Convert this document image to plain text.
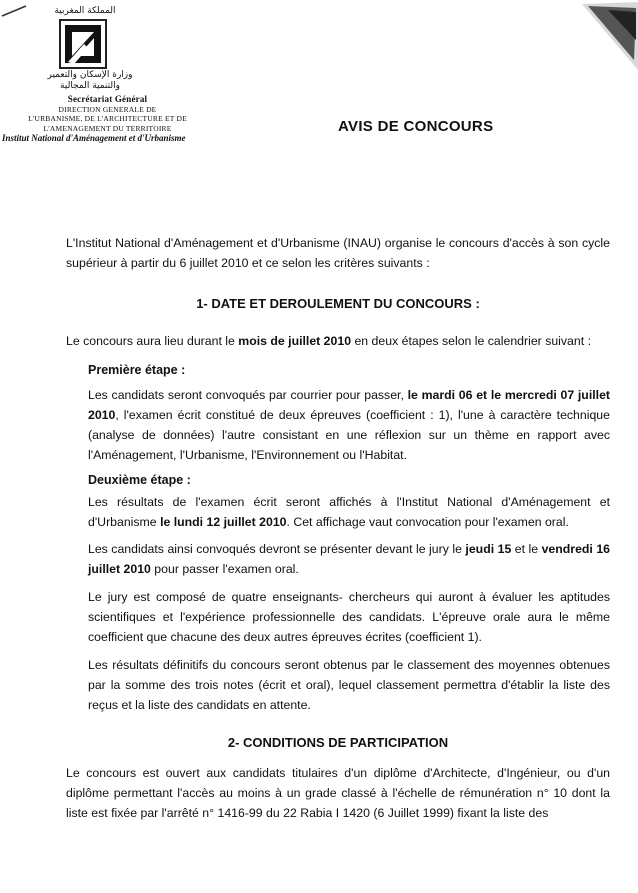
المملكة المغربية
وزارة الإسكان والتعمير والتنمية المجالية
Secrétariat Général
DIRECTION GENERALE DE
L'URBANISME, DE L'ARCHITECTURE ET DE
L'AMENAGEMENT DU TERRITOIRE
Institut National d'Aménagement et d'Urbanisme
AVIS DE CONCOURS

L'Institut National d'Aménagement et d'Urbanisme (INAU) organise le concours d'accès à son cycle supérieur à partir du 6 juillet 2010 et ce selon les critères suivants :

1- DATE ET DEROULEMENT DU CONCOURS :

Le concours aura lieu durant le mois de juillet 2010 en deux étapes selon le calendrier suivant :

Première étape :

Les candidats seront convoqués par courrier pour passer, le mardi 06 et le mercredi 07 juillet 2010, l'examen écrit constitué de deux épreuves (coefficient : 1), l'une à caractère technique (analyse de données) l'autre consistant en une réflexion sur un thème en rapport avec l'Aménagement, l'Urbanisme, l'Environnement ou l'Habitat.

Deuxième étape :

Les résultats de l'examen écrit seront affichés à l'Institut National d'Aménagement et d'Urbanisme le lundi 12 juillet 2010. Cet affichage vaut convocation pour l'examen oral.

Les candidats ainsi convoqués devront se présenter devant le jury le jeudi 15 et le vendredi 16 juillet 2010 pour passer l'examen oral.

Le jury est composé de quatre enseignants- chercheurs qui auront à évaluer les aptitudes scientifiques et l'expérience professionnelle des candidats. L'épreuve orale aura le même coefficient que chacune des deux autres épreuves écrites (coefficient 1).

Les résultats définitifs du concours seront obtenus par le classement des moyennes obtenues par la somme des trois notes (écrit et oral), lequel classement permettra d'établir la liste des reçus et la liste des candidats en attente.

2- CONDITIONS DE PARTICIPATION

Le concours est ouvert aux candidats titulaires d'un diplôme d'Architecte, d'Ingénieur, ou d'un diplôme permettant l'accès au moins à un grade classé à l'échelle de rémunération n° 10 dont la liste est fixée par l'arrêté n° 1416-99 du 22 Rabia I 1420 (6 Juillet 1999) fixant la liste des
